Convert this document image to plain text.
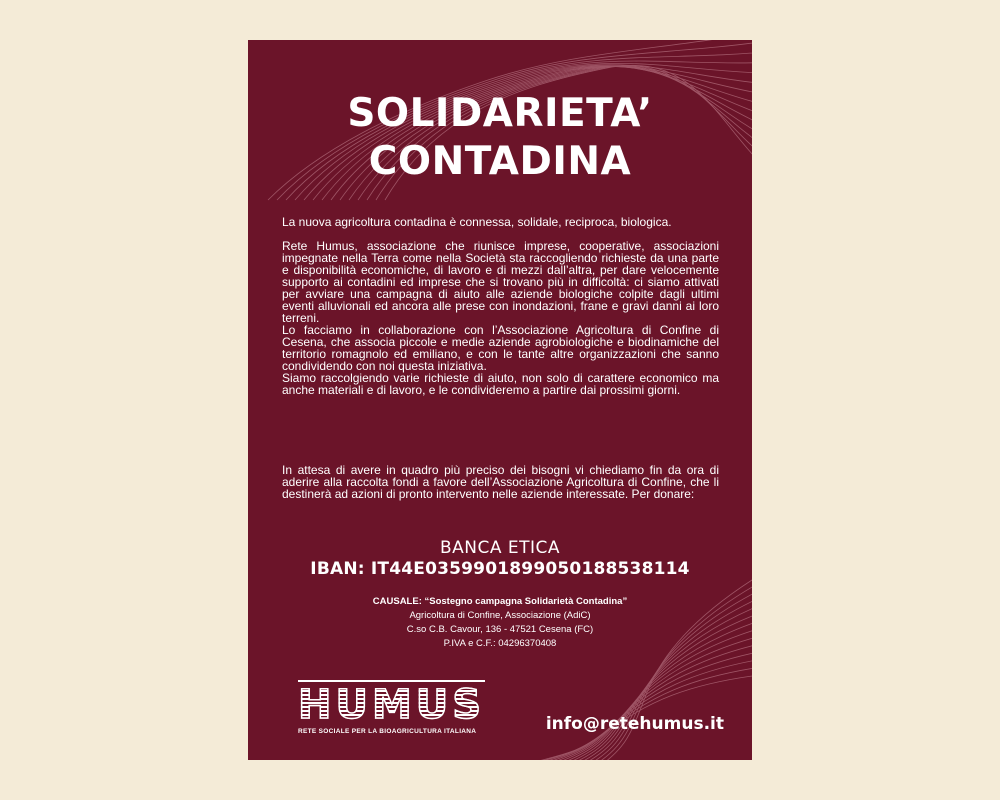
SOLIDARIETA’
CONTADINA

La nuova agricoltura contadina è connessa, solidale, reciproca, biologica.

Rete Humus, associazione che riunisce imprese, cooperative, associazioni impegnate nella Terra come nella Società sta raccogliendo richieste da una parte e disponibilità economiche, di lavoro e di mezzi dall’altra, per dare velocemente supporto ai contadini ed imprese che si trovano più in difficoltà: ci siamo attivati per avviare una campagna di aiuto alle aziende biologiche colpite dagli ultimi eventi alluvionali ed ancora alle prese con inondazioni, frane e gravi danni ai loro terreni.

Lo facciamo in collaborazione con l’Associazione Agricoltura di Confine di Cesena, che associa piccole e medie aziende agrobiologiche e biodinamiche del territorio romagnolo ed emiliano, e con le tante altre organizzazioni che sanno condividendo con noi questa iniziativa.

Siamo raccolgiendo varie richieste di aiuto, non solo di carattere economico ma anche materiali e di lavoro, e le condivideremo a partire dai prossimi giorni.

In attesa di avere in quadro più preciso dei bisogni vi chiediamo fin da ora di aderire alla raccolta fondi a favore dell’Associazione Agricoltura di Confine, che li destinerà ad azioni di pronto intervento nelle aziende interessate. Per donare:

BANCA ETICA
IBAN: IT44E0359901899050188538114
CAUSALE: “Sostegno campagna Solidarietà Contadina”
Agricoltura di Confine, Associazione (AdiC)
C.so C.B. Cavour, 136 - 47521 Cesena (FC)
P.IVA e C.F.: 04296370408
HUMUS
RETE SOCIALE PER LA BIOAGRICULTURA ITALIANA	info@retehumus.it
